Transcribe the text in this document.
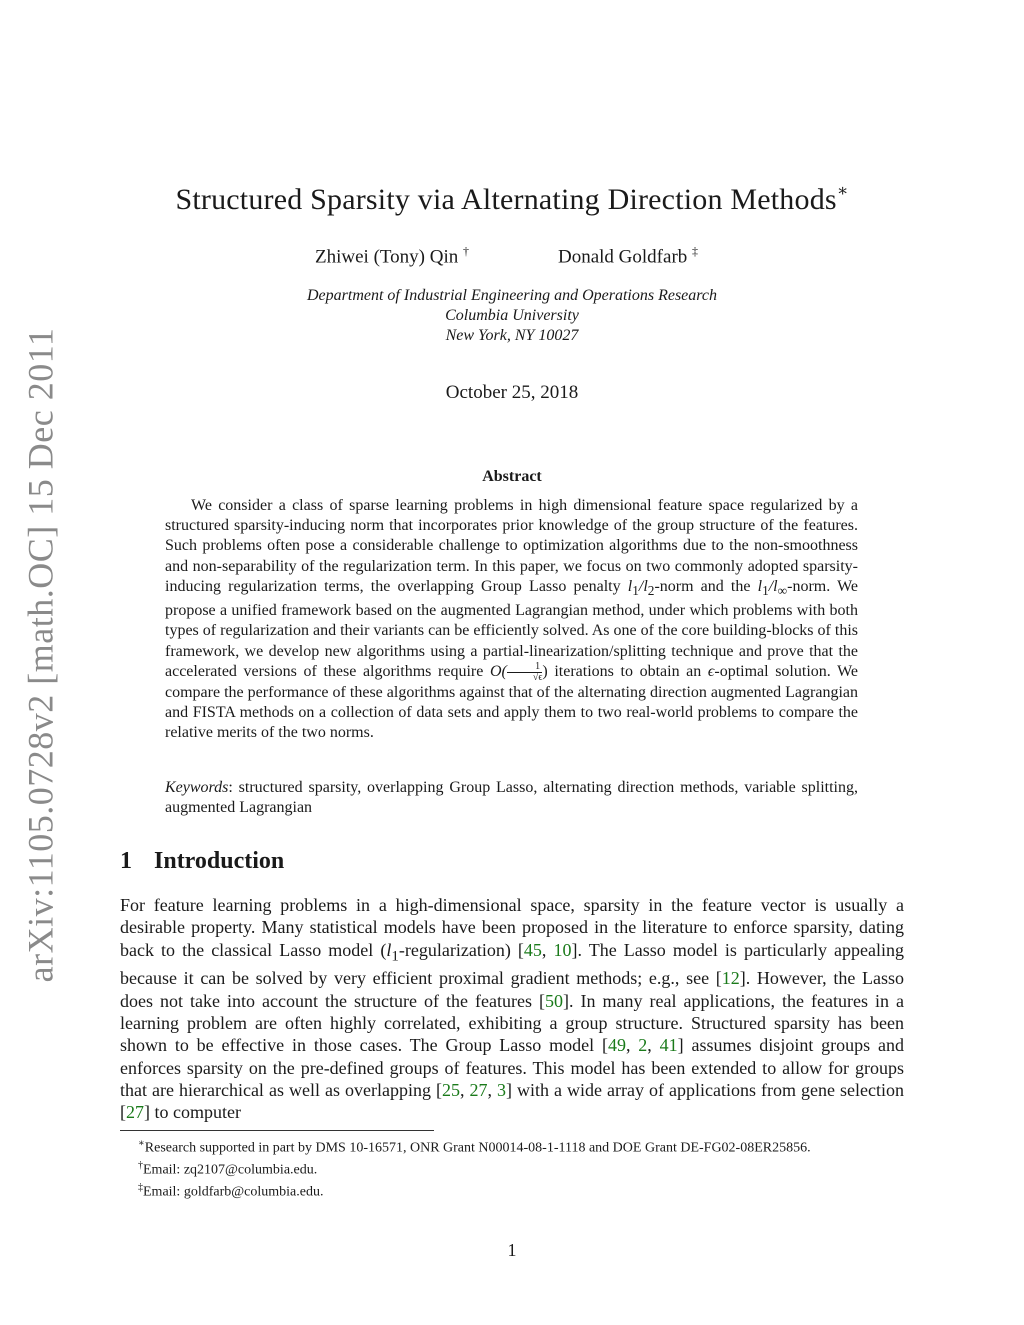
arXiv:1105.0728v2 [math.OC] 15 Dec 2011
Structured Sparsity via Alternating Direction Methods∗
Zhiwei (Tony) Qin †	Donald Goldfarb ‡
Department of Industrial Engineering and Operations Research
Columbia University
New York, NY 10027
October 25, 2018
Abstract

We consider a class of sparse learning problems in high dimensional feature space regularized by a structured sparsity-inducing norm that incorporates prior knowledge of the group structure of the features. Such problems often pose a considerable challenge to optimization algorithms due to the non-smoothness and non-separability of the regularization term. In this paper, we focus on two commonly adopted sparsity-inducing regularization terms, the overlapping Group Lasso penalty $l_1/l_2$-norm and the $l_1/l_\infty$-norm. We propose a unified framework based on the augmented Lagrangian method, under which problems with both types of regularization and their variants can be efficiently solved. As one of the core building-blocks of this framework, we develop new algorithms using a partial-linearization/splitting technique and prove that the accelerated versions of these algorithms require $O( \frac{1}{√\epsilon}$ ) iterations to obtain an ϵ-optimal solution. We compare the performance of these algorithms against that of the alternating direction augmented Lagrangian and FISTA methods on a collection of data sets and apply them to two real-world problems to compare the relative merits of the two norms.

Keywords: structured sparsity, overlapping Group Lasso, alternating direction methods, variable splitting, augmented Lagrangian

1 Introduction

For feature learning problems in a high-dimensional space, sparsity in the feature vector is usually a desirable property. Many statistical models have been proposed in the literature to enforce sparsity, dating back to the classical Lasso model $(l_1-regularization)$ [45, 10]. The Lasso model is particularly appealing because it can be solved by very efficient proximal gradient methods; e.g., see [12]. However, the Lasso does not take into account the structure of the features [50]. In many real applications, the features in a learning problem are often highly correlated, exhibiting a group structure. Structured sparsity has been shown to be effective in those cases. The Group Lasso model [49, 2, 41] assumes disjoint groups and enforces sparsity on the pre-defined groups of features. This model has been extended to allow for groups that are hierarchical as well as overlapping [25, 27, 3] with a wide array of applications from gene selection [27] to computer

∗Research supported in part by DMS 10-16571, ONR Grant N00014-08-1-1118 and DOE Grant DE-FG02-08ER25856.

†Email: zq2107@columbia.edu.

‡Email: goldfarb@columbia.edu.

1
